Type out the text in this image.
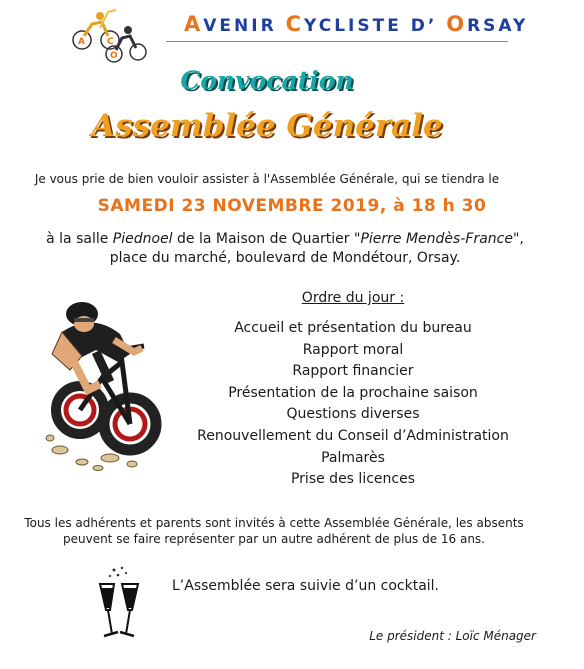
A C
O
AVENIR CYCLISTE D’ ORSAY
Convocation
Assemblée Générale
Je vous prie de bien vouloir assister à l'Assemblée Générale, qui se tiendra le
SAMEDI 23 NOVEMBRE 2019, à 18 h 30
à la salle Piednoel de la Maison de Quartier "Pierre Mendès-France",
place du marché, boulevard de Mondétour, Orsay.
Ordre du jour :
Accueil et présentation du bureau
Rapport moral
Rapport financier
Présentation de la prochaine saison
Questions diverses
Renouvellement du Conseil d’Administration
Palmarès
Prise des licences
Tous les adhérents et parents sont invités à cette Assemblée Générale, les absents
peuvent se faire représenter par un autre adhérent de plus de 16 ans.
L’Assemblée sera suivie d’un cocktail.
Le président : Loïc Ménager
